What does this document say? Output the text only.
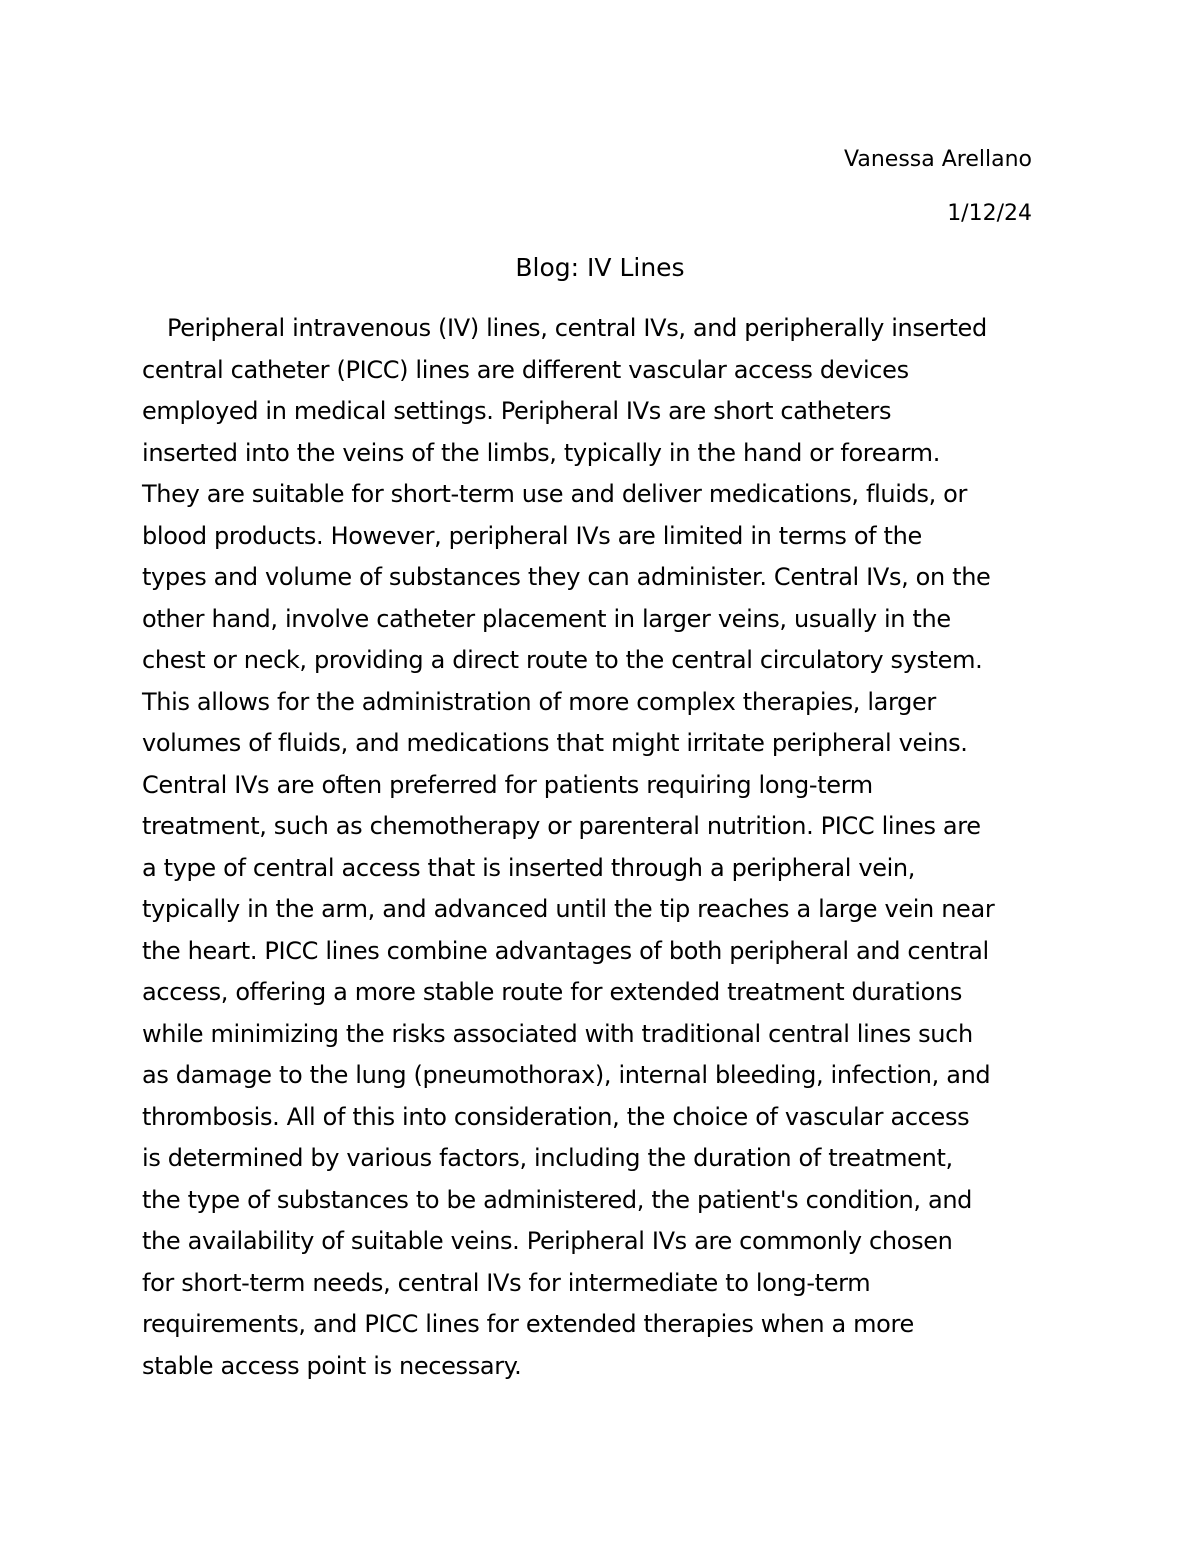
Vanessa Arellano
1/12/24
Blog: IV Lines
Peripheral intravenous (IV) lines, central IVs, and peripherally inserted
central catheter (PICC) lines are different vascular access devices
employed in medical settings. Peripheral IVs are short catheters
inserted into the veins of the limbs, typically in the hand or forearm.
They are suitable for short-term use and deliver medications, fluids, or
blood products. However, peripheral IVs are limited in terms of the
types and volume of substances they can administer. Central IVs, on the
other hand, involve catheter placement in larger veins, usually in the
chest or neck, providing a direct route to the central circulatory system.
This allows for the administration of more complex therapies, larger
volumes of fluids, and medications that might irritate peripheral veins.
Central IVs are often preferred for patients requiring long-term
treatment, such as chemotherapy or parenteral nutrition. PICC lines are
a type of central access that is inserted through a peripheral vein,
typically in the arm, and advanced until the tip reaches a large vein near
the heart. PICC lines combine advantages of both peripheral and central
access, offering a more stable route for extended treatment durations
while minimizing the risks associated with traditional central lines such
as damage to the lung (pneumothorax), internal bleeding, infection, and
thrombosis. All of this into consideration, the choice of vascular access
is determined by various factors, including the duration of treatment,
the type of substances to be administered, the patient's condition, and
the availability of suitable veins. Peripheral IVs are commonly chosen
for short-term needs, central IVs for intermediate to long-term
requirements, and PICC lines for extended therapies when a more
stable access point is necessary.
